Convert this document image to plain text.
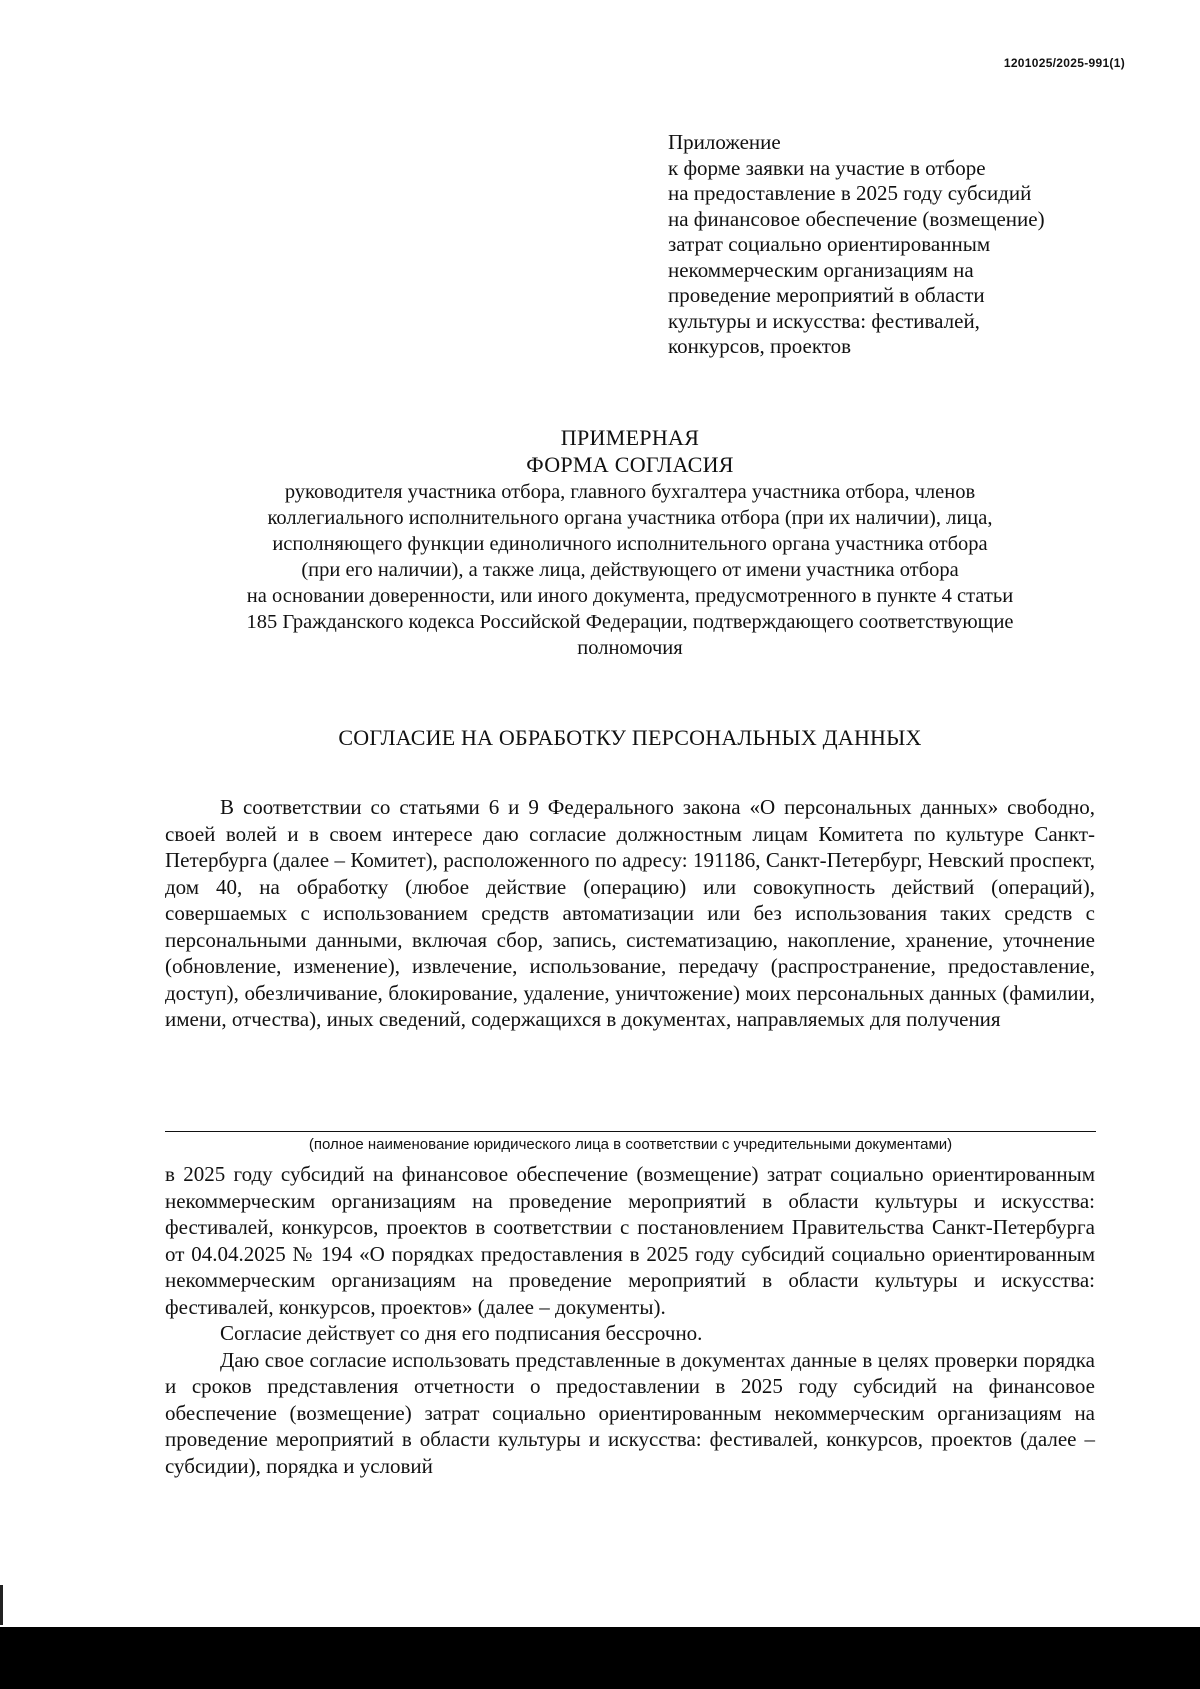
1201025/2025-991(1)
Приложение
к форме заявки на участие в отборе
на предоставление в 2025 году субсидий
на финансовое обеспечение (возмещение)
затрат социально ориентированным
некоммерческим организациям на
проведение мероприятий в области
культуры и искусства: фестивалей,
конкурсов, проектов
ПРИМЕРНАЯ
ФОРМА СОГЛАСИЯ
руководителя участника отбора, главного бухгалтера участника отбора, членов
коллегиального исполнительного органа участника отбора (при их наличии), лица,
исполняющего функции единоличного исполнительного органа участника отбора
(при его наличии), а также лица, действующего от имени участника отбора
на основании доверенности, или иного документа, предусмотренного в пункте 4 статьи
185 Гражданского кодекса Российской Федерации, подтверждающего соответствующие
полномочия
СОГЛАСИЕ НА ОБРАБОТКУ ПЕРСОНАЛЬНЫХ ДАННЫХ

В соответствии со статьями 6 и 9 Федерального закона «О персональных данных» свободно, своей волей и в своем интересе даю согласие должностным лицам Комитета по культуре Санкт-Петербурга (далее – Комитет), расположенного по адресу: 191186, Санкт-Петербург, Невский проспект, дом 40, на обработку (любое действие (операцию) или совокупность действий (операций), совершаемых с использованием средств автоматизации или без использования таких средств с персональными данными, включая сбор, запись, систематизацию, накопление, хранение, уточнение (обновление, изменение), извлечение, использование, передачу (распространение, предоставление, доступ), обезличивание, блокирование, удаление, уничтожение) моих персональных данных (фамилии, имени, отчества), иных сведений, содержащихся в документах, направляемых для получения

(полное наименование юридического лица в соответствии с учредительными документами)

в 2025 году субсидий на финансовое обеспечение (возмещение) затрат социально ориентированным некоммерческим организациям на проведение мероприятий в области культуры и искусства: фестивалей, конкурсов, проектов в соответствии с постановлением Правительства Санкт-Петербурга от 04.04.2025 № 194 «О порядках предоставления в 2025 году субсидий социально ориентированным некоммерческим организациям на проведение мероприятий в области культуры и искусства: фестивалей, конкурсов, проектов» (далее – документы).

Согласие действует со дня его подписания бессрочно.

Даю свое согласие использовать представленные в документах данные в целях проверки порядка и сроков представления отчетности о предоставлении в 2025 году субсидий на финансовое обеспечение (возмещение) затрат социально ориентированным некоммерческим организациям на проведение мероприятий в области культуры и искусства: фестивалей, конкурсов, проектов (далее – субсидии), порядка и условий
